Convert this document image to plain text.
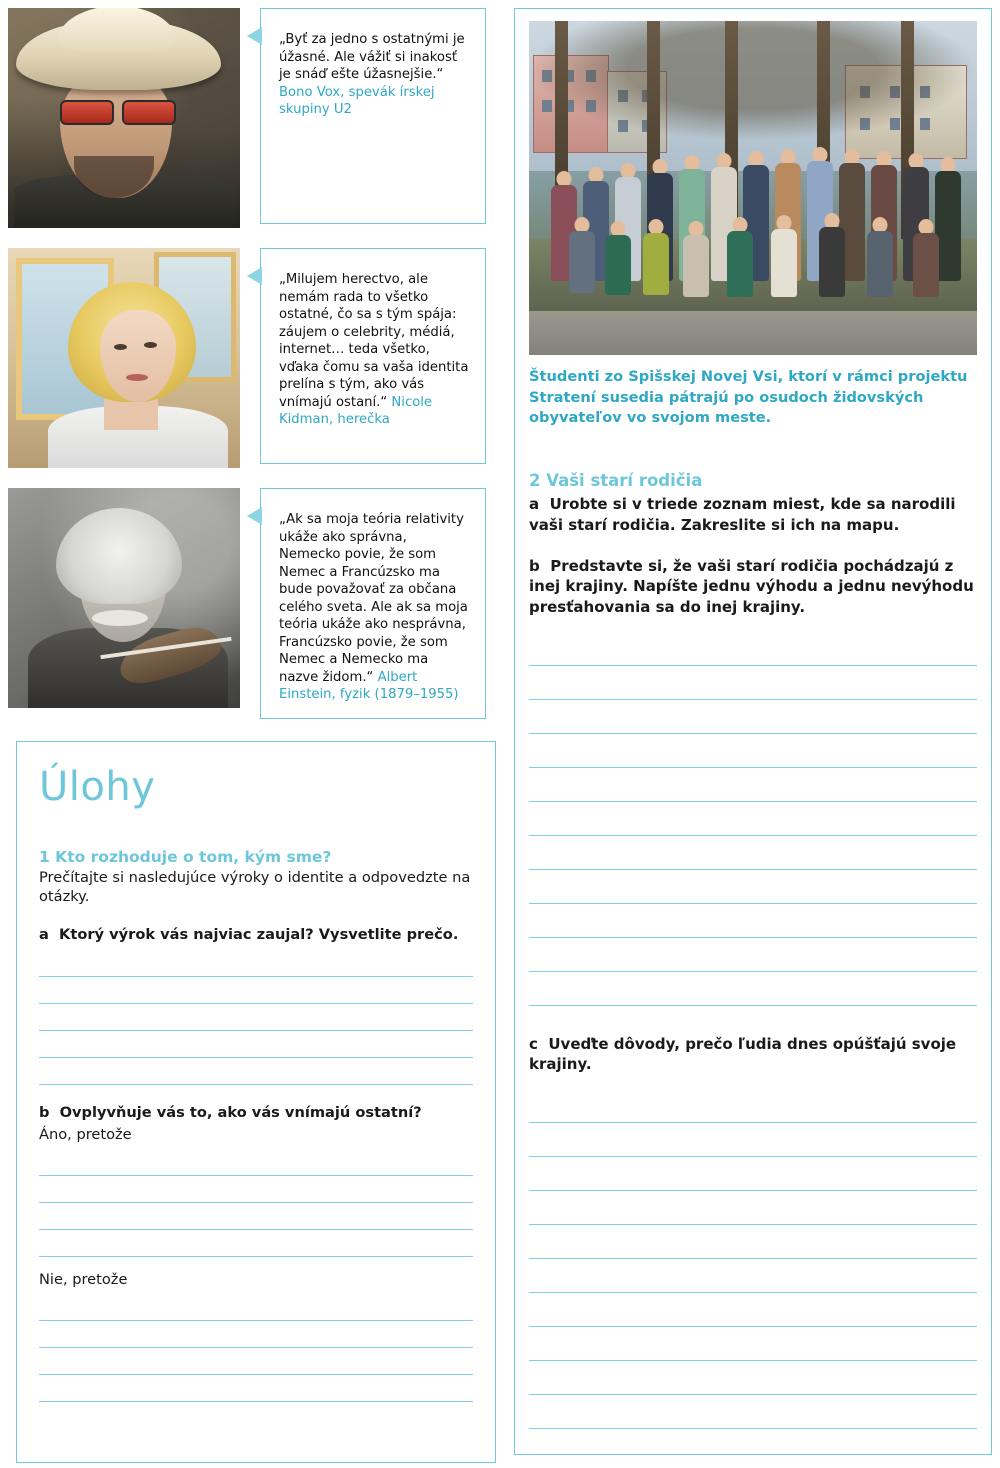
„Byť za jedno s ostatnými je úžasné. Ale vážiť si inakosť je snáď ešte úžasnejšie.“ Bono Vox, spevák írskej skupiny U2

„Milujem herectvo, ale nemám rada to všetko ostatné, čo sa s tým spája: záujem o celebrity, médiá, internet… teda všetko, vďaka čomu sa vaša identita prelína s tým, ako vás vnímajú ostaní.“ Nicole Kidman, herečka

„Ak sa moja teória relativity ukáže ako správna, Nemecko povie, že som Nemec a Francúzsko ma bude považovať za občana celého sveta. Ale ak sa moja teória ukáže ako nesprávna, Francúzsko povie, že som Nemec a Nemecko ma nazve židom.“ Albert Einstein, fyzik (1879–1955)

Úlohy

1 Kto rozhoduje o tom, kým sme?

Prečítajte si nasledujúce výroky o identite a odpovedzte na otázky.

a Ktorý výrok vás najviac zaujal? Vysvetlite prečo.

b Ovplyvňuje vás to, ako vás vnímajú ostatní?

Áno, pretože

Nie, pretože

Študenti zo Spišskej Novej Vsi, ktorí v rámci projektu Stratení susedia pátrajú po osudoch židovských obyvateľov vo svojom meste.

2 Vaši starí rodičia

a Urobte si v triede zoznam miest, kde sa narodili vaši starí rodičia. Zakreslite si ich na mapu.

b Predstavte si, že vaši starí rodičia pochádzajú z inej krajiny. Napíšte jednu výhodu a jednu nevýhodu presťahovania sa do inej krajiny.

c Uveďte dôvody, prečo ľudia dnes opúšťajú svoje krajiny.
